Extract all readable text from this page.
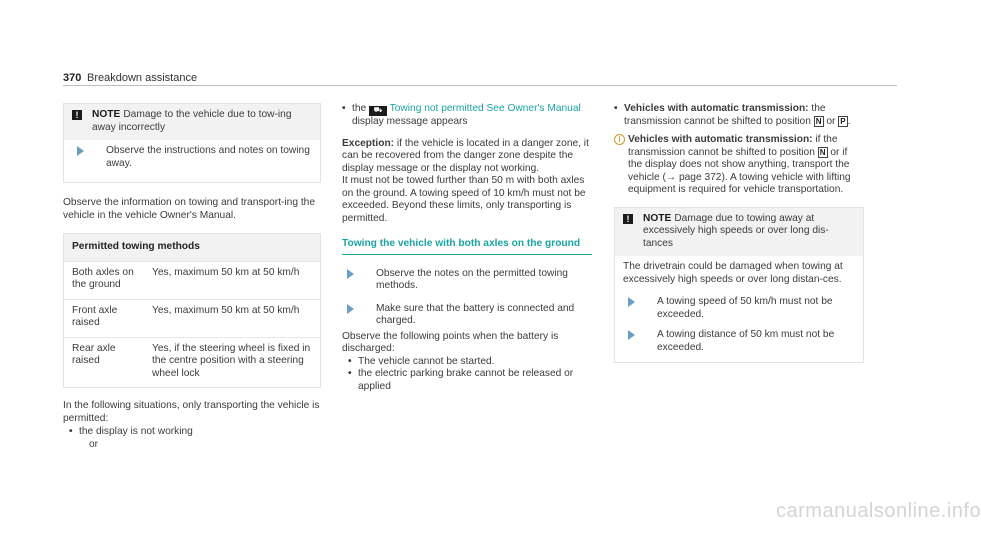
370 Breakdown assistance
!	NOTE Damage to the vehicle due to tow-ing away incorrectly
Observe the instructions and notes on towing away.

Observe the information on towing and transport-ing the vehicle in the vehicle Owner's Manual.

Permitted towing methods
Both axles on the ground
Yes, maximum 50 km at 50 km/h
Front axle raised
Yes, maximum 50 km at 50 km/h
Rear axle raised
Yes, if the steering wheel is fixed in the centre position with a steering wheel lock

In the following situations, only transporting the vehicle is permitted:

• the display is not working

or

• the ⛟ Towing not permitted See Owner's Manual display message appears

Exception: if the vehicle is located in a danger zone, it can be recovered from the danger zone despite the display message or the display not working.

It must not be towed further than 50 m with both axles on the ground. A towing speed of 10 km/h must not be exceeded. Beyond these limits, only transporting is permitted.

Towing the vehicle with both axles on the ground
Observe the notes on the permitted towing methods.
Make sure that the battery is connected and charged.

Observe the following points when the battery is discharged:

• The vehicle cannot be started.
• the electric parking brake cannot be released or applied
• Vehicles with automatic transmission: the transmission cannot be shifted to position N or P .
i Vehicles with automatic transmission: if the transmission cannot be shifted to position N or if the display does not show anything, transport the vehicle (→ page 372). A towing vehicle with lifting equipment is required for vehicle transportation.
!	NOTE Damage due to towing away at excessively high speeds or over long dis-tances

The drivetrain could be damaged when towing at excessively high speeds or over long distan-ces.

A towing speed of 50 km/h must not be exceeded.
A towing distance of 50 km must not be exceeded.
carmanualsonline.info
